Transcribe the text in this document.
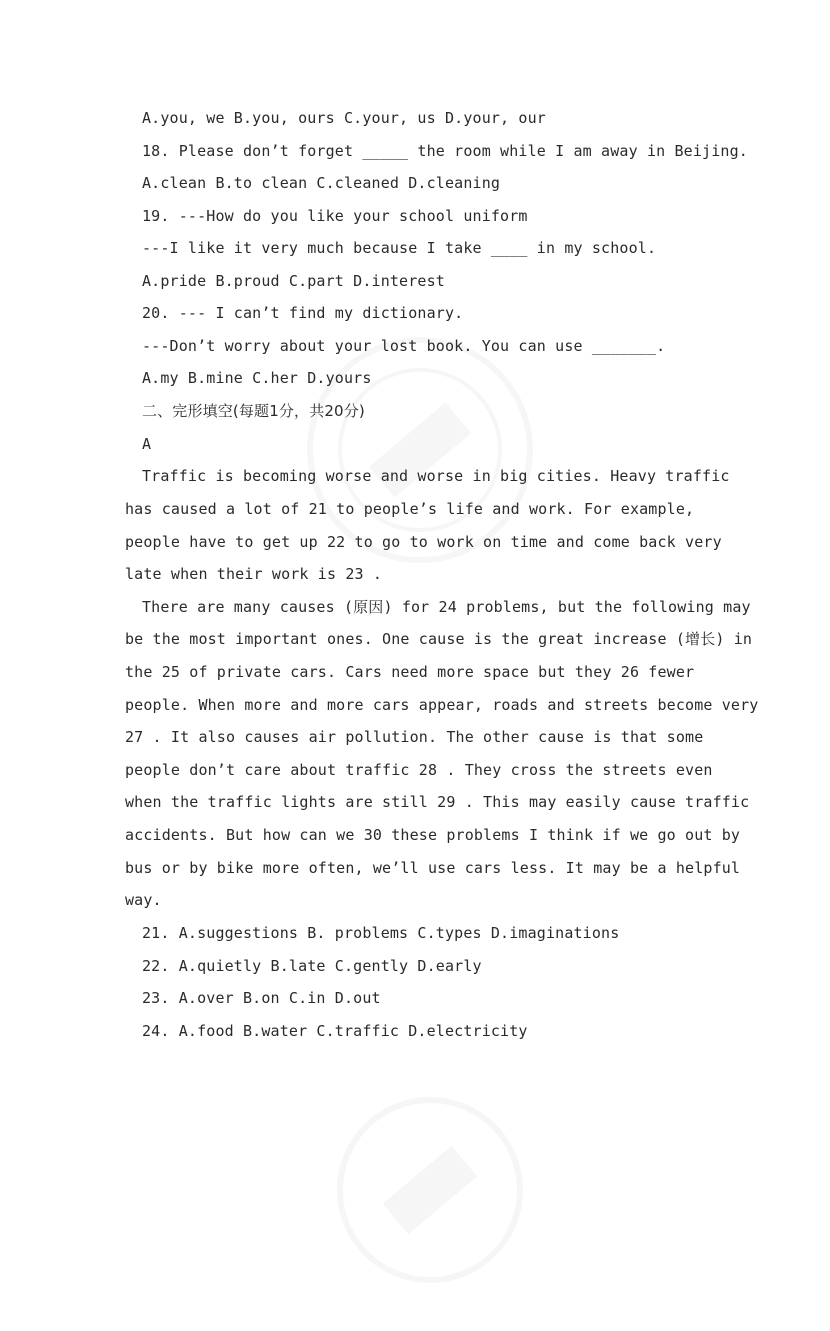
A.you, we B.you, ours C.your, us D.your, our
18. Please don’t forget _____ the room while I am away in Beijing.
A.clean B.to clean C.cleaned D.cleaning
19. ---How do you like your school uniform
---I like it very much because I take ____ in my school.
A.pride B.proud C.part D.interest
20. --- I can’t find my dictionary.
---Don’t worry about your lost book. You can use _______.
A.my B.mine C.her D.yours
二、完形填空(每题1分，共20分)
A
Traffic is becoming worse and worse in big cities. Heavy traffic
has caused a lot of 21 to people’s life and work. For example,
people have to get up 22 to go to work on time and come back very
late when their work is 23 .
There are many causes (原因) for 24 problems, but the following may
be the most important ones. One cause is the great increase (增长) in
the 25 of private cars. Cars need more space but they 26 fewer
people. When more and more cars appear, roads and streets become very
27 . It also causes air pollution. The other cause is that some
people don’t care about traffic 28 . They cross the streets even
when the traffic lights are still 29 . This may easily cause traffic
accidents. But how can we 30 these problems I think if we go out by
bus or by bike more often, we’ll use cars less. It may be a helpful
way.
21. A.suggestions B. problems C.types D.imaginations
22. A.quietly B.late C.gently D.early
23. A.over B.on C.in D.out
24. A.food B.water C.traffic D.electricity
